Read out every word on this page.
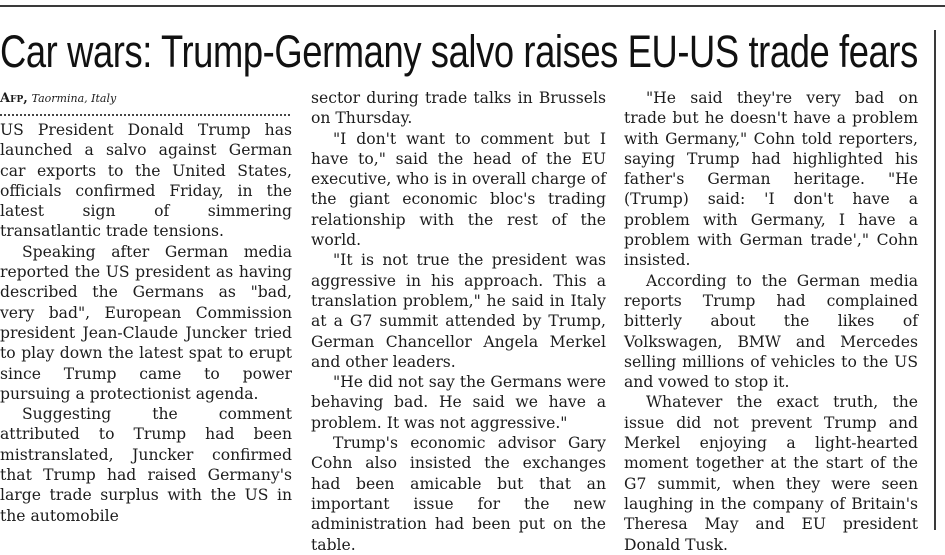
Car wars: Trump-Germany salvo raises EU-US trade fears
Afp, Taormina, Italy

US President Donald Trump has launched a salvo against German car exports to the United States, officials confirmed Friday, in the latest sign of simmering transatlantic trade tensions.

Speaking after German media reported the US president as having described the Germans as "bad, very bad", European Commission president Jean-Claude Juncker tried to play down the latest spat to erupt since Trump came to power pursuing a protectionist agenda.

Suggesting the comment attributed to Trump had been mistranslated, Juncker confirmed that Trump had raised Germany's large trade surplus with the US in the automobile

sector during trade talks in Brussels on Thursday.

"I don't want to comment but I have to," said the head of the EU executive, who is in overall charge of the giant economic bloc's trading relationship with the rest of the world.

"It is not true the president was aggressive in his approach. This a translation problem," he said in Italy at a G7 summit attended by Trump, German Chancellor Angela Merkel and other leaders.

"He did not say the Germans were behaving bad. He said we have a problem. It was not aggressive."

Trump's economic advisor Gary Cohn also insisted the exchanges had been amicable but that an important issue for the new administration had been put on the table.

"He said they're very bad on trade but he doesn't have a problem with Germany," Cohn told reporters, saying Trump had highlighted his father's German heritage. "He (Trump) said: 'I don't have a problem with Germany, I have a problem with German trade'," Cohn insisted.

According to the German media reports Trump had complained bitterly about the likes of Volkswagen, BMW and Mercedes selling millions of vehicles to the US and vowed to stop it.

Whatever the exact truth, the issue did not prevent Trump and Merkel enjoying a light-hearted moment together at the start of the G7 summit, when they were seen laughing in the company of Britain's Theresa May and EU president Donald Tusk.
